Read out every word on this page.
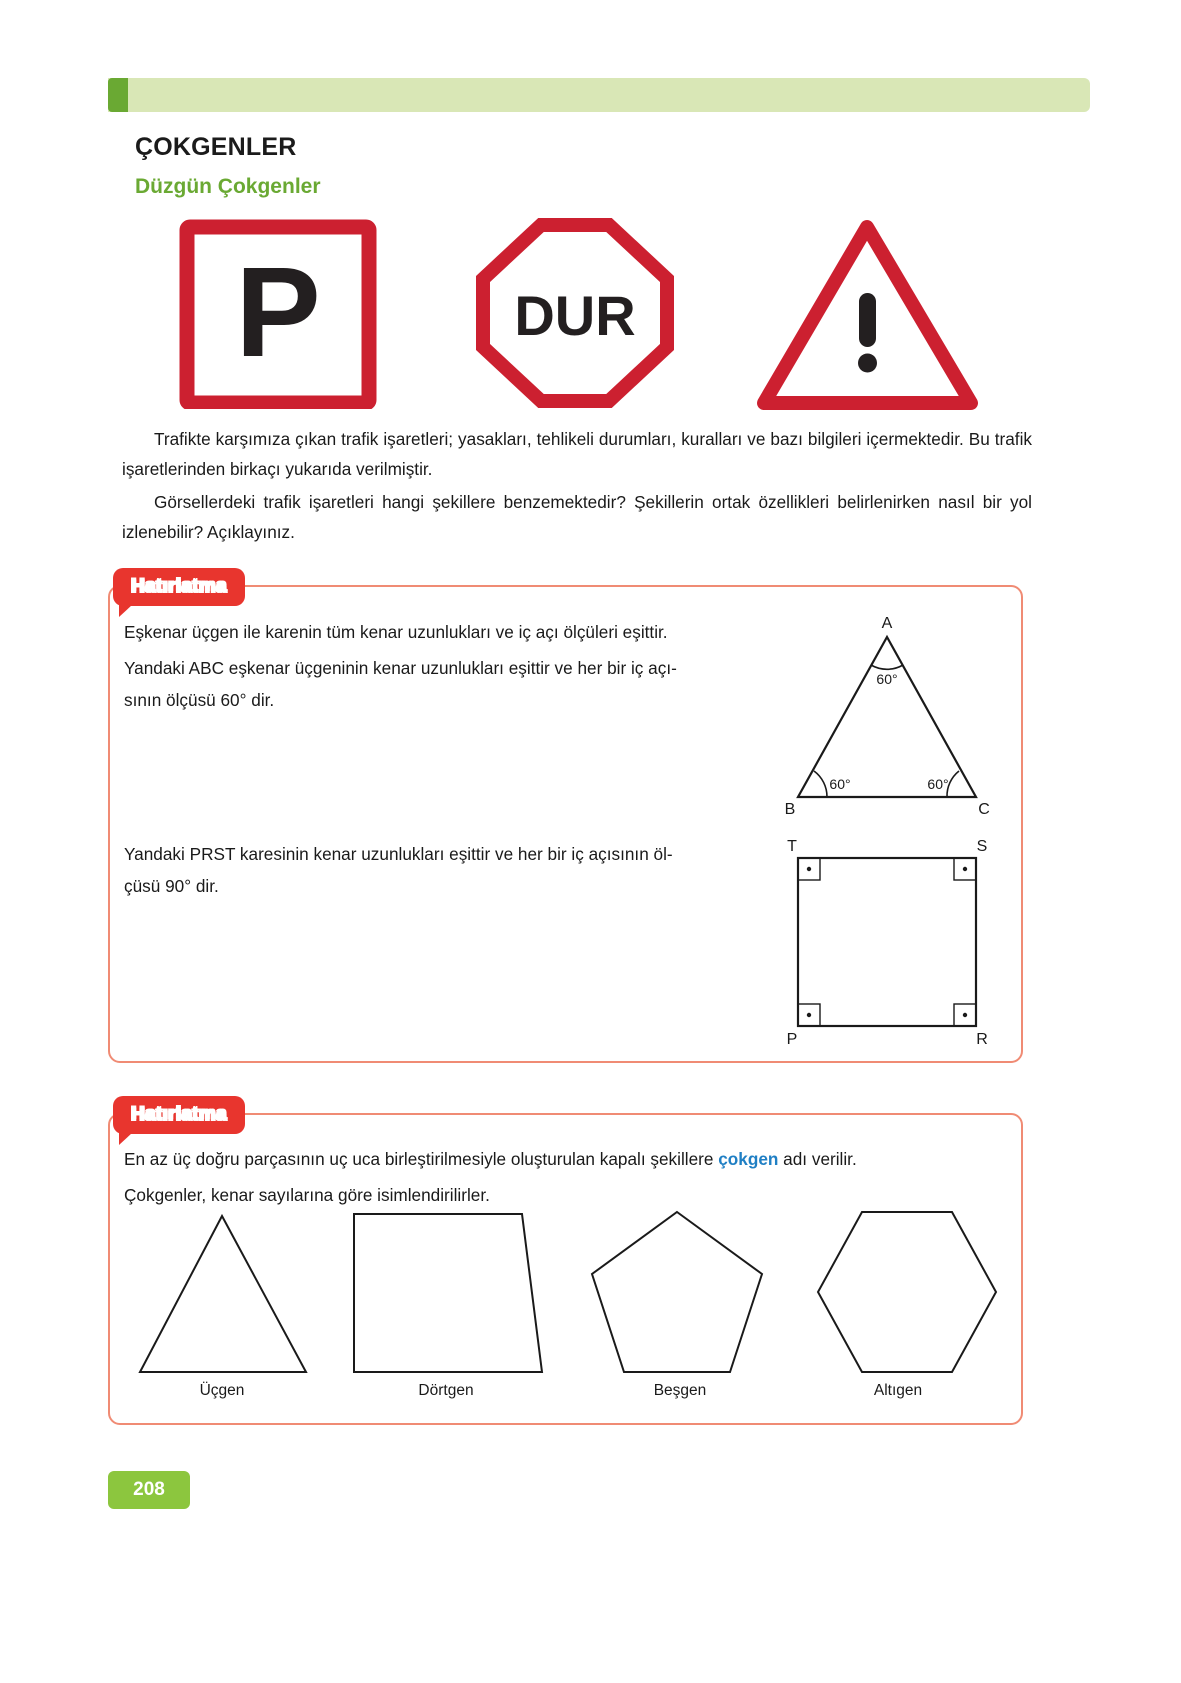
ÇOKGENLER
Düzgün Çokgenler
P	DUR
Trafikte karşımıza çıkan trafik işaretleri; yasakları, tehlikeli durumları, kuralları ve bazı bilgileri içermektedir. Bu trafik işaretlerinden birkaçı yukarıda verilmiştir.
Görsellerdeki trafik işaretleri hangi şekillere benzemektedir? Şekillerin ortak özellikleri belirlenirken nasıl bir yol izlenebilir? Açıklayınız.
Hatırlatma
Eşkenar üçgen ile karenin tüm kenar uzunlukları ve iç açı ölçüleri eşittir.
Yandaki ABC eşkenar üçgeninin kenar uzunlukları eşittir ve her bir iç açı-
sının ölçüsü 60° dir.
Yandaki PRST karesinin kenar uzunlukları eşittir ve her bir iç açısının öl-
çüsü 90° dir.
A
B	C
60°
60°	60°
T	S
P	R
Hatırlatma
En az üç doğru parçasının uç uca birleştirilmesiyle oluşturulan kapalı şekillere çokgen adı verilir.
Çokgenler, kenar sayılarına göre isimlendirilirler.
Üçgen	Dörtgen	Beşgen	Altıgen
208
